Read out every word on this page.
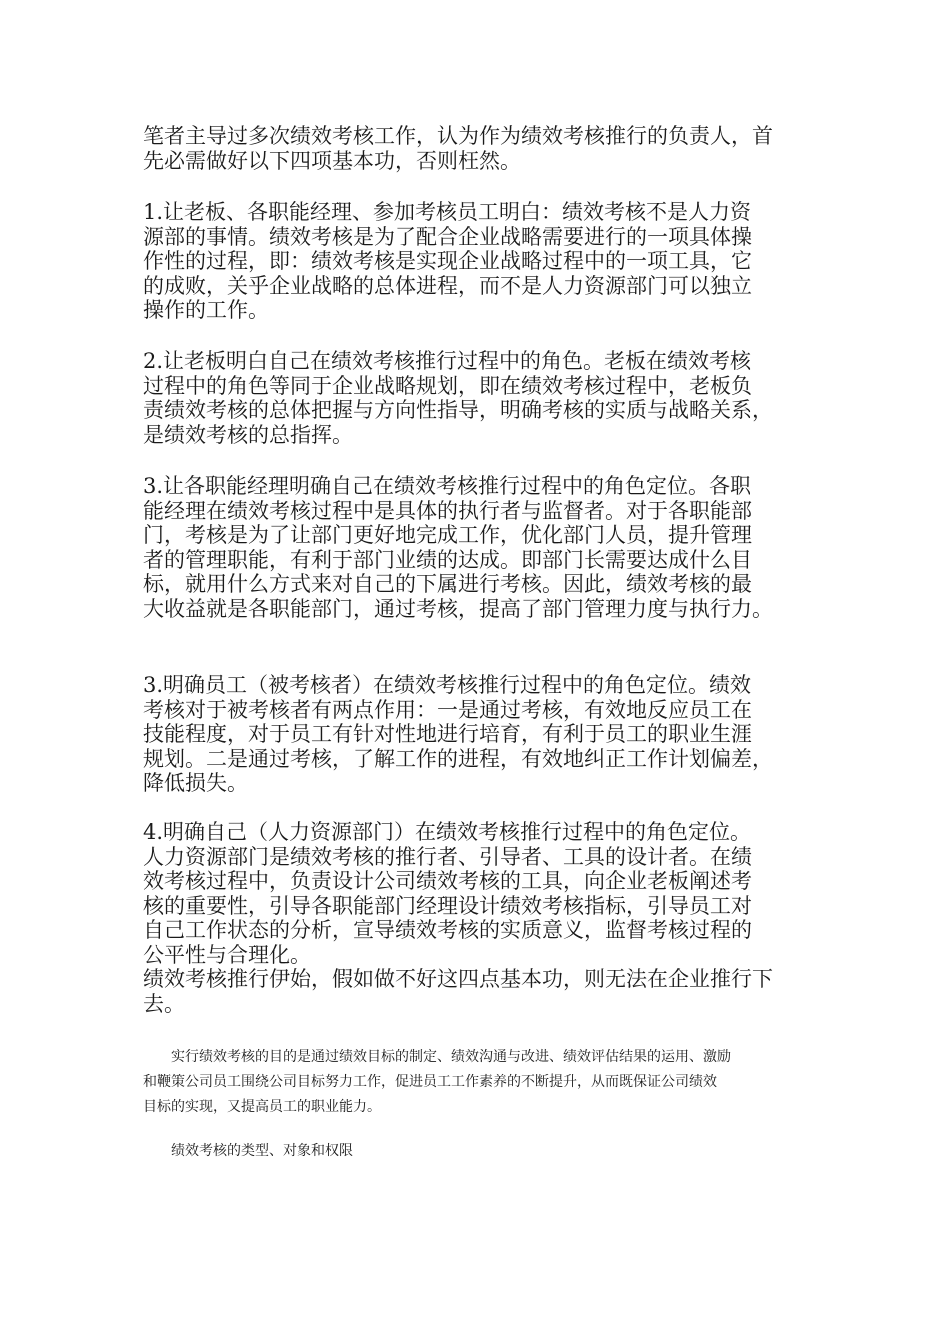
笔者主导过多次绩效考核工作，认为作为绩效考核推行的负责人，首
先必需做好以下四项基本功，否则枉然。

1.让老板、各职能经理、参加考核员工明白：绩效考核不是人力资
源部的事情。绩效考核是为了配合企业战略需要进行的一项具体操
作性的过程，即：绩效考核是实现企业战略过程中的一项工具，它
的成败，关乎企业战略的总体进程，而不是人力资源部门可以独立
操作的工作。

2.让老板明白自己在绩效考核推行过程中的角色。老板在绩效考核
过程中的角色等同于企业战略规划，即在绩效考核过程中，老板负
责绩效考核的总体把握与方向性指导，明确考核的实质与战略关系，
是绩效考核的总指挥。

3.让各职能经理明确自己在绩效考核推行过程中的角色定位。各职
能经理在绩效考核过程中是具体的执行者与监督者。对于各职能部
门，考核是为了让部门更好地完成工作，优化部门人员，提升管理
者的管理职能，有利于部门业绩的达成。即部门长需要达成什么目
标，就用什么方式来对自己的下属进行考核。因此，绩效考核的最
大收益就是各职能部门，通过考核，提高了部门管理力度与执行力。

3.明确员工（被考核者）在绩效考核推行过程中的角色定位。绩效
考核对于被考核者有两点作用：一是通过考核，有效地反应员工在
技能程度，对于员工有针对性地进行培育，有利于员工的职业生涯
规划。二是通过考核，了解工作的进程，有效地纠正工作计划偏差，
降低损失。

4.明确自己（人力资源部门）在绩效考核推行过程中的角色定位。
人力资源部门是绩效考核的推行者、引导者、工具的设计者。在绩
效考核过程中，负责设计公司绩效考核的工具，向企业老板阐述考
核的重要性，引导各职能部门经理设计绩效考核指标，引导员工对
自己工作状态的分析，宣导绩效考核的实质意义，监督考核过程的
公平性与合理化。
绩效考核推行伊始，假如做不好这四点基本功，则无法在企业推行下
去。

实行绩效考核的目的是通过绩效目标的制定、绩效沟通与改进、绩效评估结果的运用、激励
和鞭策公司员工围绕公司目标努力工作，促进员工工作素养的不断提升，从而既保证公司绩效
目标的实现，又提高员工的职业能力。

绩效考核的类型、对象和权限
